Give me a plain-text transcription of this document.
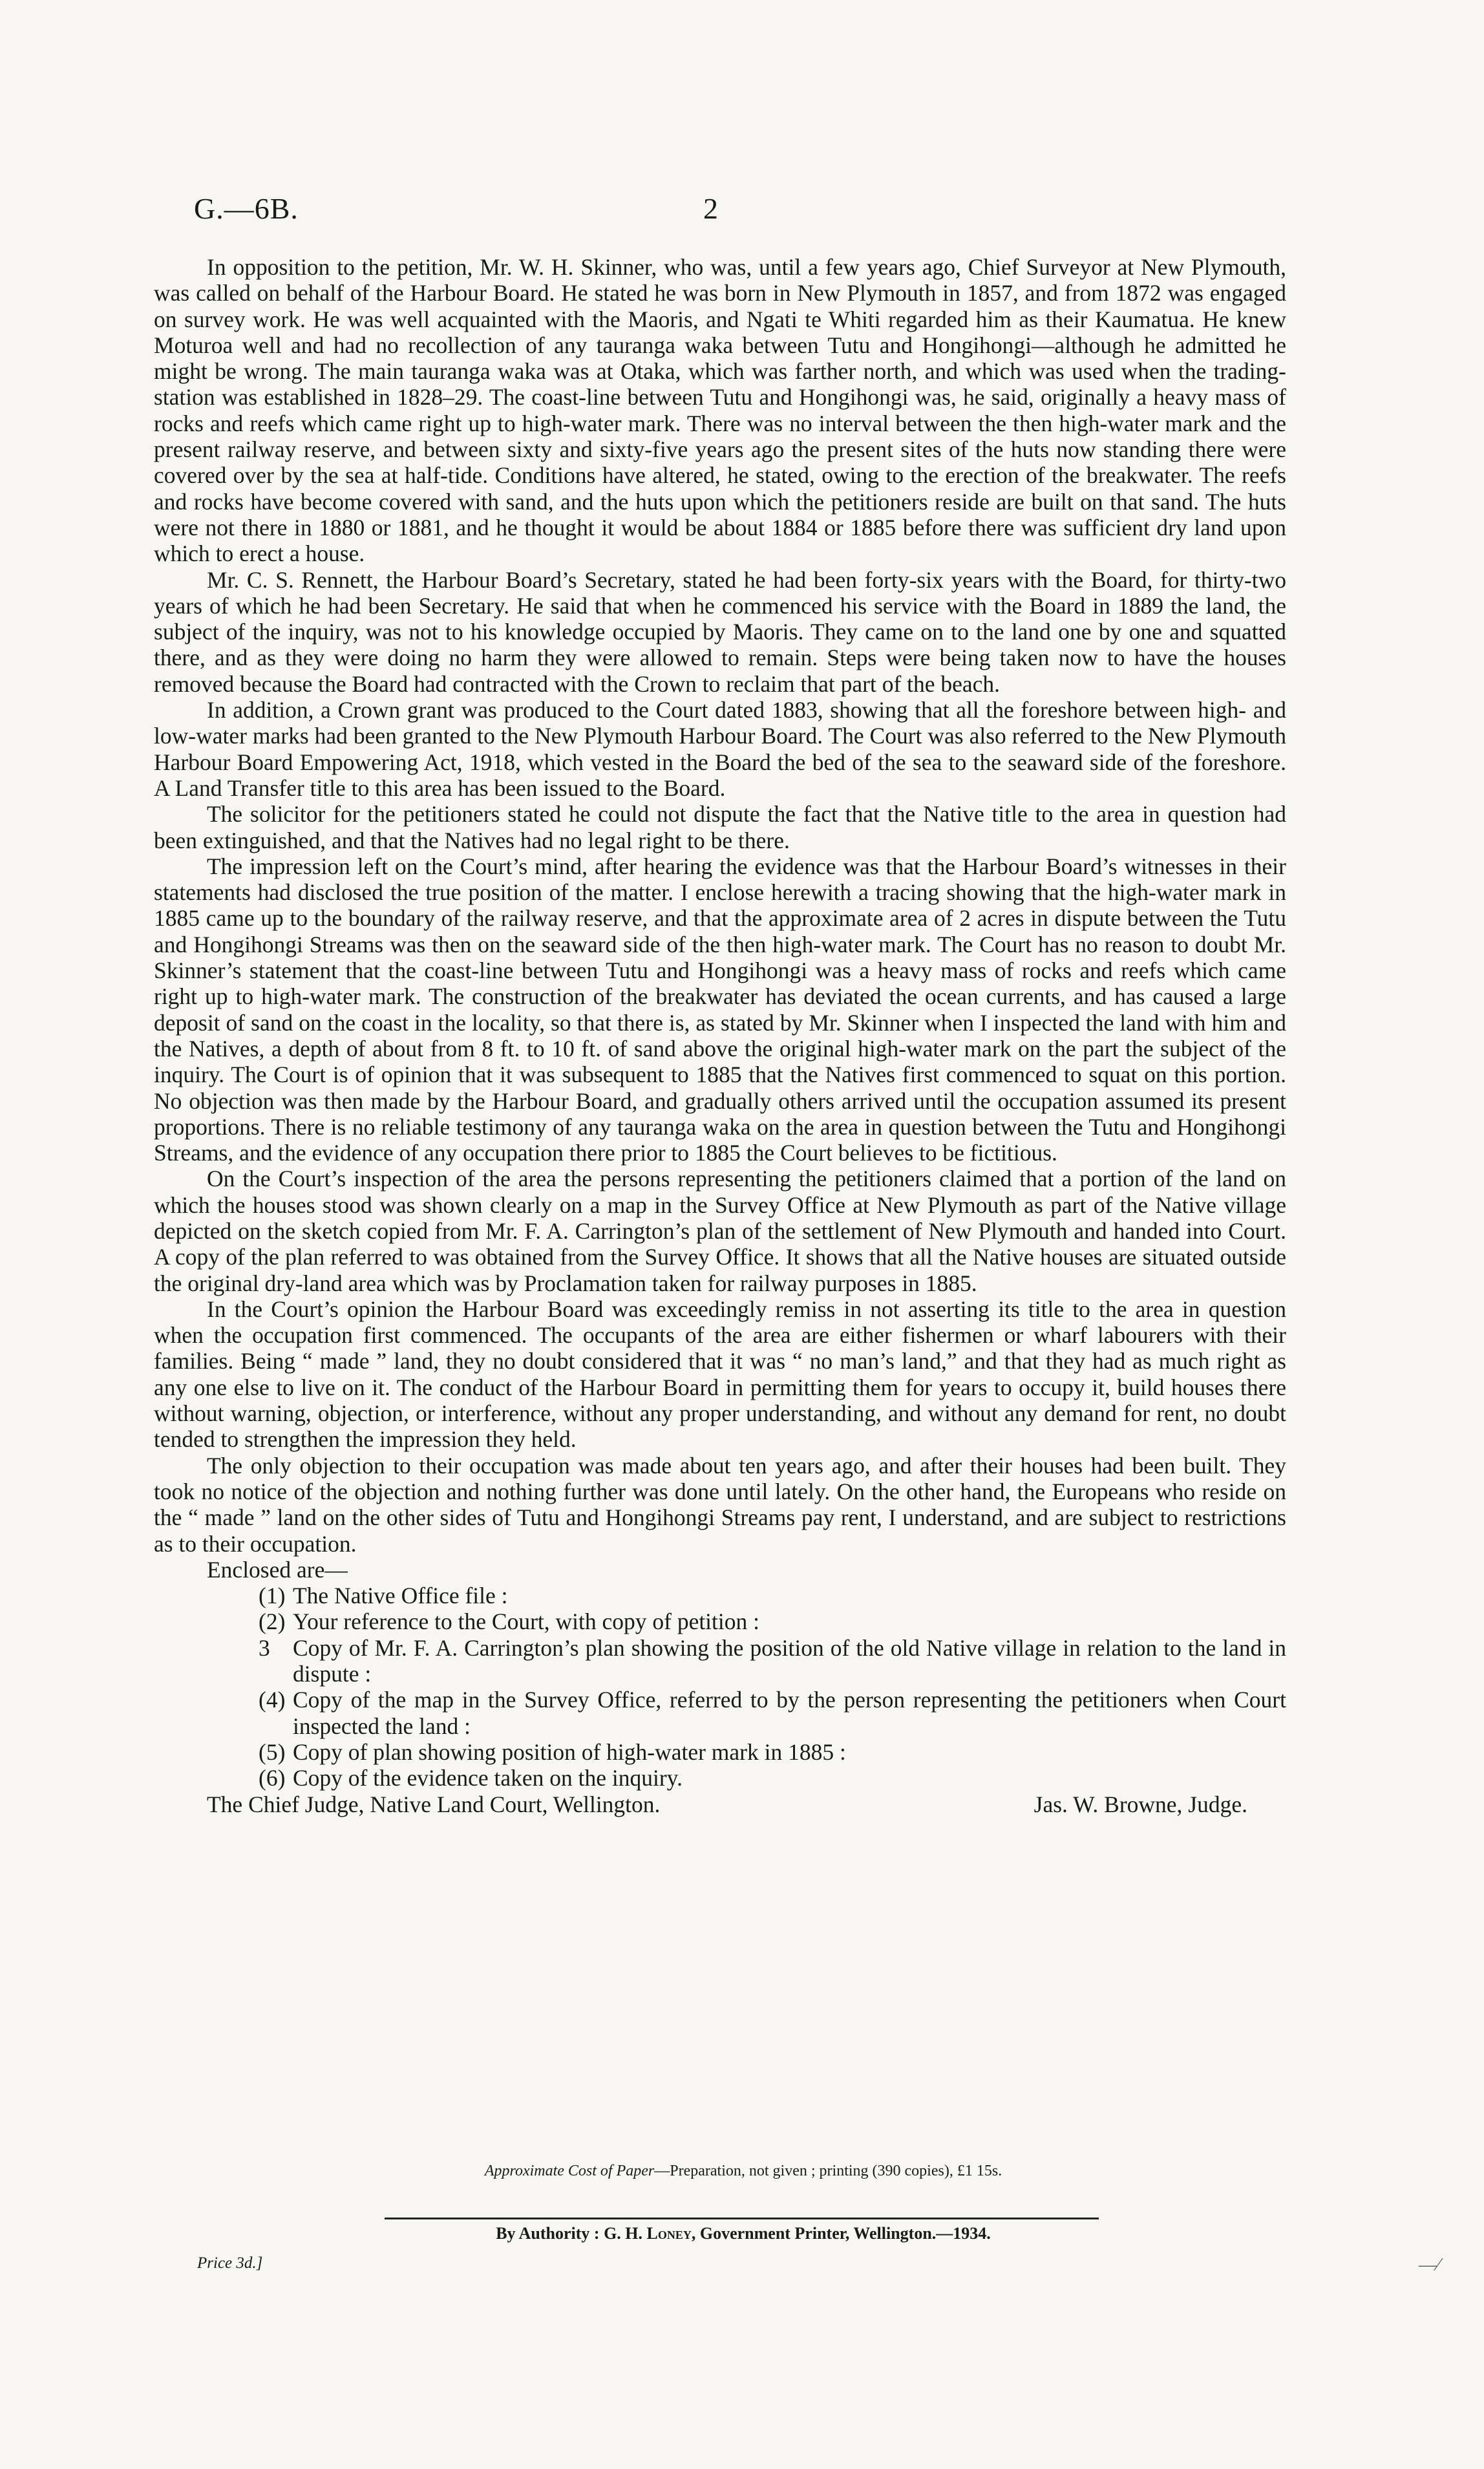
G.—6B.	2

In opposition to the petition, Mr. W. H. Skinner, who was, until a few years ago, Chief Surveyor at New Plymouth, was called on behalf of the Harbour Board. He stated he was born in New Plymouth in 1857, and from 1872 was engaged on survey work. He was well acquainted with the Maoris, and Ngati te Whiti regarded him as their Kaumatua. He knew Moturoa well and had no recollection of any tauranga waka between Tutu and Hongihongi—although he admitted he might be wrong. The main tauranga waka was at Otaka, which was farther north, and which was used when the trading-station was established in 1828–29. The coast-line between Tutu and Hongihongi was, he said, originally a heavy mass of rocks and reefs which came right up to high-water mark. There was no interval between the then high-water mark and the present railway reserve, and between sixty and sixty-five years ago the present sites of the huts now standing there were covered over by the sea at half-tide. Conditions have altered, he stated, owing to the erection of the breakwater. The reefs and rocks have become covered with sand, and the huts upon which the petitioners reside are built on that sand. The huts were not there in 1880 or 1881, and he thought it would be about 1884 or 1885 before there was sufficient dry land upon which to erect a house.

Mr. C. S. Rennett, the Harbour Board’s Secretary, stated he had been forty-six years with the Board, for thirty-two years of which he had been Secretary. He said that when he commenced his service with the Board in 1889 the land, the subject of the inquiry, was not to his knowledge occupied by Maoris. They came on to the land one by one and squatted there, and as they were doing no harm they were allowed to remain. Steps were being taken now to have the houses removed because the Board had contracted with the Crown to reclaim that part of the beach.

In addition, a Crown grant was produced to the Court dated 1883, showing that all the foreshore between high- and low-water marks had been granted to the New Plymouth Harbour Board. The Court was also referred to the New Plymouth Harbour Board Empowering Act, 1918, which vested in the Board the bed of the sea to the seaward side of the foreshore. A Land Transfer title to this area has been issued to the Board.

The solicitor for the petitioners stated he could not dispute the fact that the Native title to the area in question had been extinguished, and that the Natives had no legal right to be there.

The impression left on the Court’s mind, after hearing the evidence was that the Harbour Board’s witnesses in their statements had disclosed the true position of the matter. I enclose herewith a tracing showing that the high-water mark in 1885 came up to the boundary of the railway reserve, and that the approximate area of 2 acres in dispute between the Tutu and Hongihongi Streams was then on the seaward side of the then high-water mark. The Court has no reason to doubt Mr. Skinner’s statement that the coast-line between Tutu and Hongihongi was a heavy mass of rocks and reefs which came right up to high-water mark. The construction of the breakwater has deviated the ocean currents, and has caused a large deposit of sand on the coast in the locality, so that there is, as stated by Mr. Skinner when I inspected the land with him and the Natives, a depth of about from 8 ft. to 10 ft. of sand above the original high-water mark on the part the subject of the inquiry. The Court is of opinion that it was subsequent to 1885 that the Natives first commenced to squat on this portion. No objection was then made by the Harbour Board, and gradually others arrived until the occupation assumed its present proportions. There is no reliable testimony of any tauranga waka on the area in question between the Tutu and Hongihongi Streams, and the evidence of any occupation there prior to 1885 the Court believes to be fictitious.

On the Court’s inspection of the area the persons representing the petitioners claimed that a portion of the land on which the houses stood was shown clearly on a map in the Survey Office at New Plymouth as part of the Native village depicted on the sketch copied from Mr. F. A. Carrington’s plan of the settlement of New Plymouth and handed into Court. A copy of the plan referred to was obtained from the Survey Office. It shows that all the Native houses are situated outside the original dry-land area which was by Proclamation taken for railway purposes in 1885.

In the Court’s opinion the Harbour Board was exceedingly remiss in not asserting its title to the area in question when the occupation first commenced. The occupants of the area are either fishermen or wharf labourers with their families. Being “ made ” land, they no doubt considered that it was “ no man’s land,” and that they had as much right as any one else to live on it. The conduct of the Harbour Board in permitting them for years to occupy it, build houses there without warning, objection, or interference, without any proper understanding, and without any demand for rent, no doubt tended to strengthen the impression they held.

The only objection to their occupation was made about ten years ago, and after their houses had been built. They took no notice of the objection and nothing further was done until lately. On the other hand, the Europeans who reside on the “ made ” land on the other sides of Tutu and Hongihongi Streams pay rent, I understand, and are subject to restrictions as to their occupation.

Enclosed are—
(1) The Native Office file :
(2) Your reference to the Court, with copy of petition :
3 Copy of Mr. F. A. Carrington’s plan showing the position of the old Native village in relation to the land in dispute :
(4) Copy of the map in the Survey Office, referred to by the person representing the petitioners when Court inspected the land :
(5) Copy of plan showing position of high-water mark in 1885 :
(6) Copy of the evidence taken on the inquiry.
The Chief Judge, Native Land Court, Wellington.	Jas. W. Browne, Judge.
Approximate Cost of Paper—Preparation, not given ; printing (390 copies), £1 15s.
By Authority : G. H. Loney, Government Printer, Wellington.—1934.
Price 3d.]	—⁄
